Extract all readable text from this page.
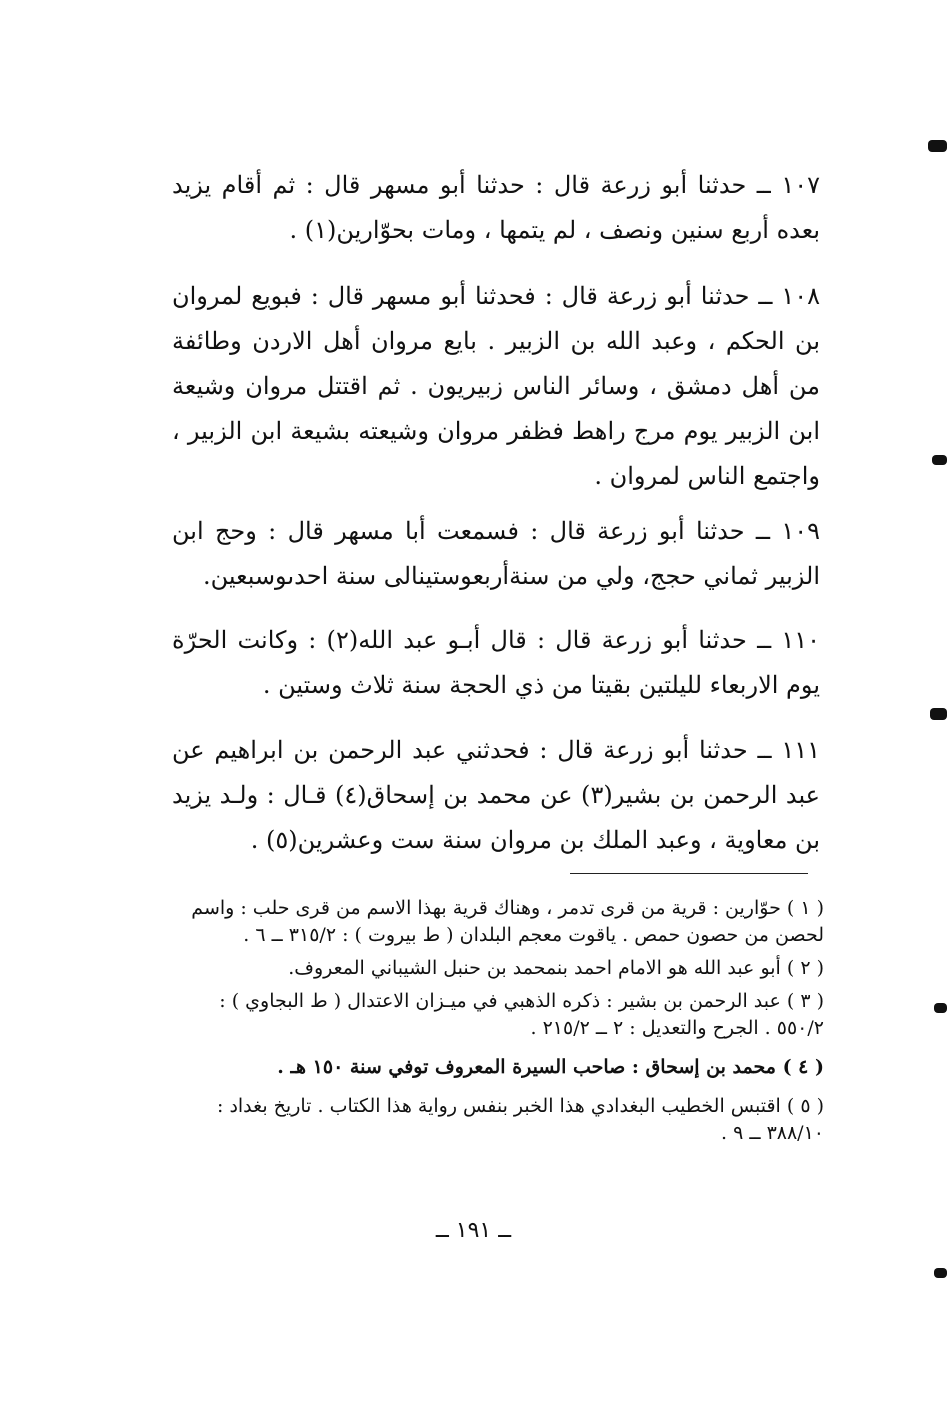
١٠٧ ــ حدثنا أبو زرعة قال : حدثنا أبو مسهر قال : ثم أقام يزيد بعده أربع سنين ونصف ، لم يتمها ، ومات بحوّارين(١) .

١٠٨ ــ حدثنا أبو زرعة قال : فحدثنا أبو مسهر قال : فبويع لمروان بن الحكم ، وعبد الله بن الزبير . بايع مروان أهل الاردن وطائفة من أهل دمشق ، وسائر الناس زبيريون . ثم اقتتل مروان وشيعة ابن الزبير يوم مرج راهط فظفر مروان وشيعته بشيعة ابن الزبير ، واجتمع الناس لمروان .

١٠٩ ــ حدثنا أبو زرعة قال : فسمعت أبا مسهر قال : وحج ابن الزبير ثماني حجج، ولي من سنةأربعوستينالى سنة احدىوسبعين.

١١٠ ــ حدثنا أبو زرعة قال : قال أبـو عبد الله(٢) : وكانت الحرّة يوم الاربعاء لليلتين بقيتا من ذي الحجة سنة ثلاث وستين .

١١١ ــ حدثنا أبو زرعة قال : فحدثني عبد الرحمن بن ابراهيم عن عبد الرحمن بن بشير(٣) عن محمد بن إسحاق(٤) قـال : ولـد يزيد بن معاوية ، وعبد الملك بن مروان سنة ست وعشرين(٥) .

( ١ ) حوّارين : قرية من قرى تدمر ، وهناك قرية بهذا الاسم من قرى حلب : واسم لحصن من حصون حمص . ياقوت معجم البلدان ( ط بيروت ) : ٣١٥/٢ ــ ٦ .

( ٢ ) أبو عبد الله هو الامام احمد بنمحمد بن حنبل الشيباني المعروف.

( ٣ ) عبد الرحمن بن بشير : ذكره الذهبي في ميـزان الاعتدال ( ط البجاوي ) : ٥٥٠/٢ . الجرح والتعديل : ٢ ــ ٢١٥/٢ .

( ٤ ) محمد بن إسحاق : صاحب السيرة المعروف توفي سنة ١٥٠ هـ .

( ٥ ) اقتبس الخطيب البغدادي هذا الخبر بنفس رواية هذا الكتاب . تاريخ بغداد : ٣٨٨/١٠ ــ ٩ .

ــ ١٩١ ــ
